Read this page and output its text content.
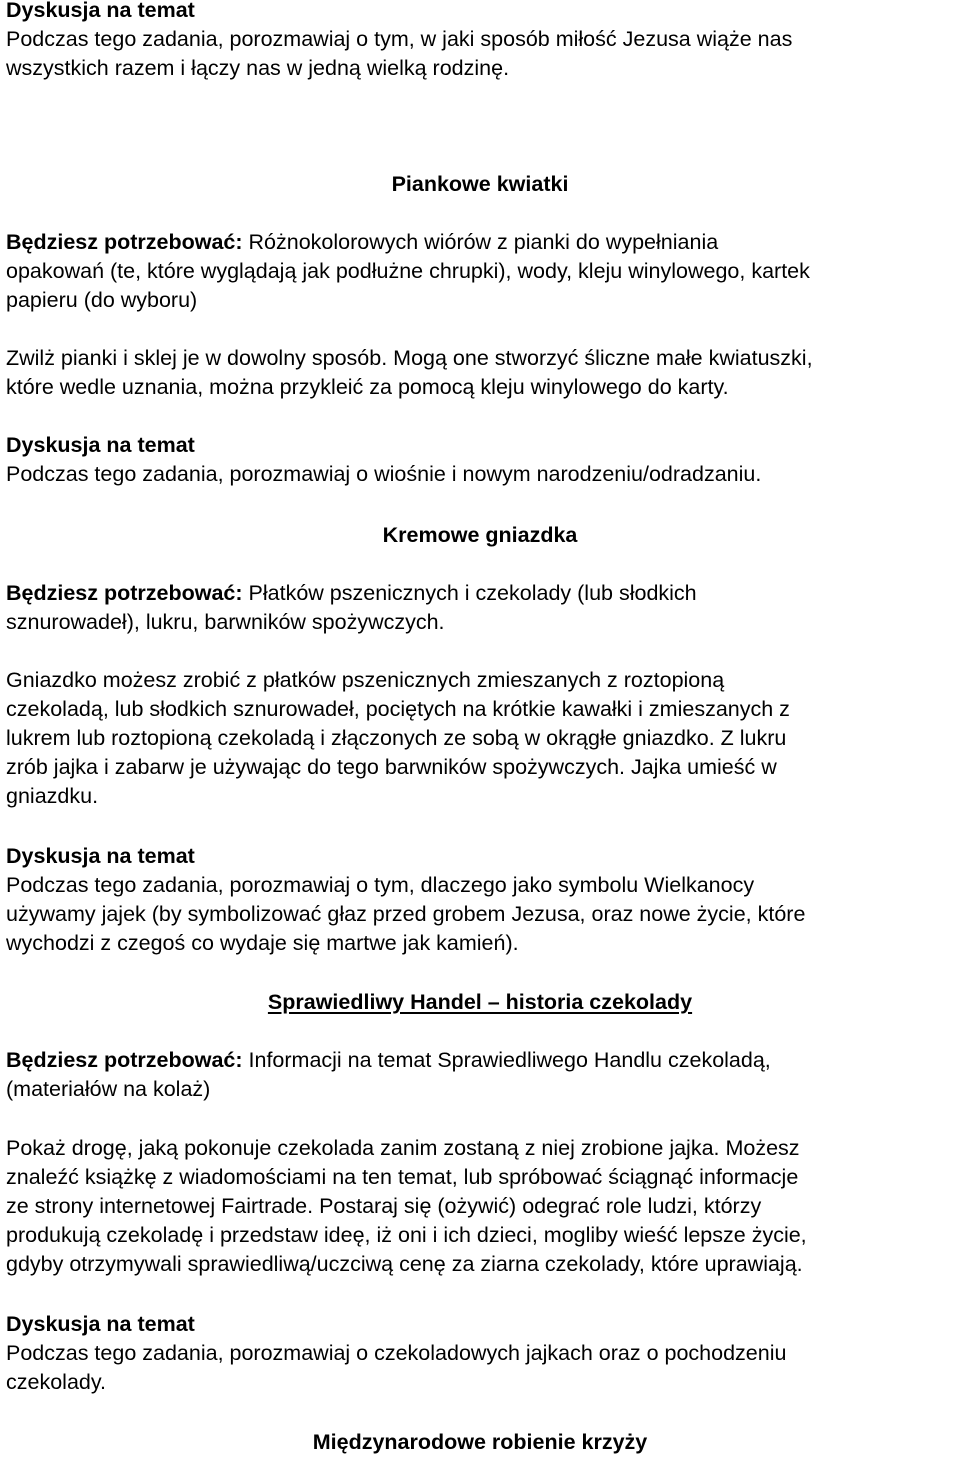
Dyskusja na temat
Podczas tego zadania, porozmawiaj o tym, w jaki sposób miłość Jezusa wiąże nas
wszystkich razem i łączy nas w jedną wielką rodzinę.
Piankowe kwiatki
Będziesz potrzebować: Różnokolorowych wiórów z pianki do wypełniania
opakowań (te, które wyglądają jak podłużne chrupki), wody, kleju winylowego, kartek
papieru (do wyboru)
Zwilż pianki i sklej je w dowolny sposób. Mogą one stworzyć śliczne małe kwiatuszki,
które wedle uznania, można przykleić za pomocą kleju winylowego do karty.
Dyskusja na temat
Podczas tego zadania, porozmawiaj o wiośnie i nowym narodzeniu/odradzaniu.
Kremowe gniazdka
Będziesz potrzebować: Płatków pszenicznych i czekolady (lub słodkich
sznurowadeł), lukru, barwników spożywczych.
Gniazdko możesz zrobić z płatków pszenicznych zmieszanych z roztopioną
czekoladą, lub słodkich sznurowadeł, pociętych na krótkie kawałki i zmieszanych z
lukrem lub roztopioną czekoladą i złączonych ze sobą w okrągłe gniazdko. Z lukru
zrób jajka i zabarw je używając do tego barwników spożywczych. Jajka umieść w
gniazdku.
Dyskusja na temat
Podczas tego zadania, porozmawiaj o tym, dlaczego jako symbolu Wielkanocy
używamy jajek (by symbolizować głaz przed grobem Jezusa, oraz nowe życie, które
wychodzi z czegoś co wydaje się martwe jak kamień).
Sprawiedliwy Handel – historia czekolady
Będziesz potrzebować: Informacji na temat Sprawiedliwego Handlu czekoladą,
(materiałów na kolaż)
Pokaż drogę, jaką pokonuje czekolada zanim zostaną z niej zrobione jajka. Możesz
znaleźć książkę z wiadomościami na ten temat, lub spróbować ściągnąć informacje
ze strony internetowej Fairtrade. Postaraj się (ożywić) odegrać role ludzi, którzy
produkują czekoladę i przedstaw ideę, iż oni i ich dzieci, mogliby wieść lepsze życie,
gdyby otrzymywali sprawiedliwą/uczciwą cenę za ziarna czekolady, które uprawiają.
Dyskusja na temat
Podczas tego zadania, porozmawiaj o czekoladowych jajkach oraz o pochodzeniu
czekolady.
Międzynarodowe robienie krzyży
